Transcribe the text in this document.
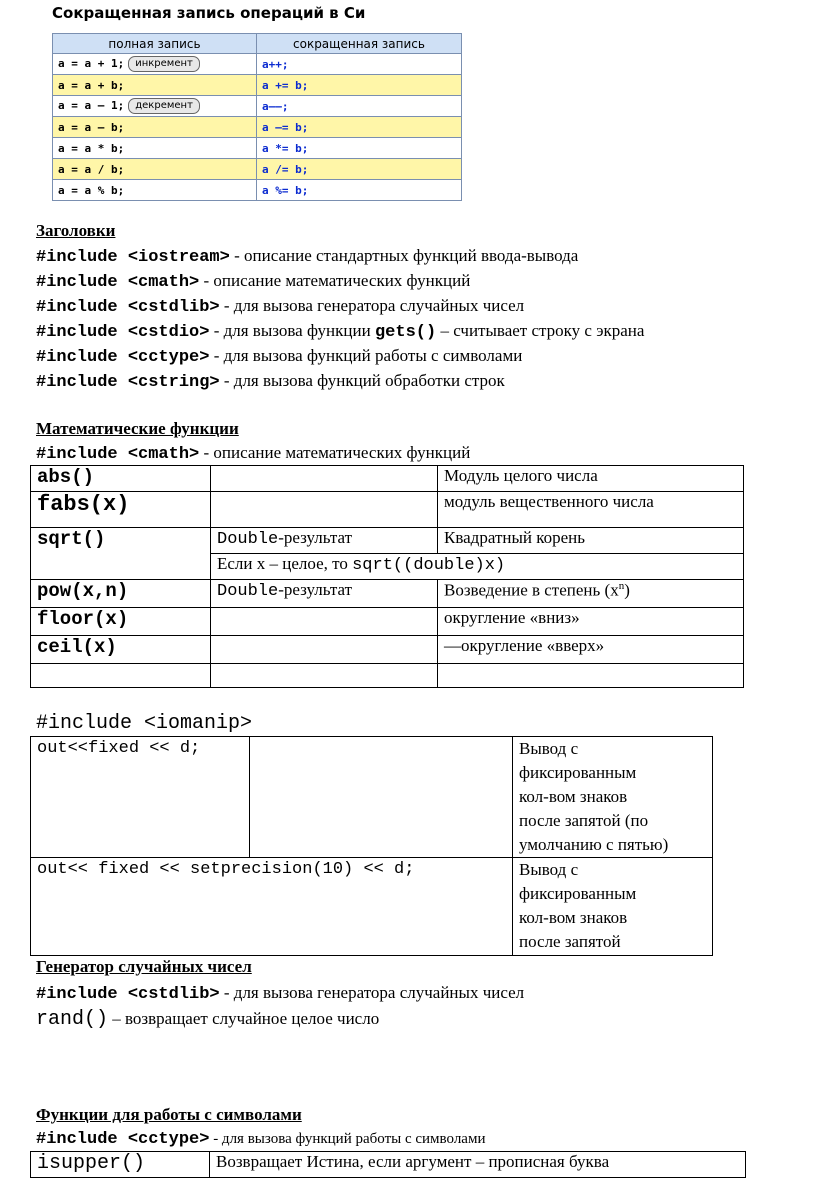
Сокращенная запись операций в Си
полная запись	сокращенная запись
a = a + 1; инкремент	a++;
a = a + b;	a += b;
a = a – 1; декремент	a––;
a = a – b;	a –= b;
a = a * b;	a *= b;
a = a / b;	a /= b;
a = a % b;	a %= b;
Заголовки
#include <iostream> - описание стандартных функций ввода-вывода
#include <cmath> - описание математических функций
#include <cstdlib> - для вызова генератора случайных чисел
#include <cstdio> - для вызова функции gets() – считывает строку с экрана
#include <cctype> - для вызова функций работы с символами
#include <cstring> - для вызова функций обработки строк
Математические функции
#include <cmath> - описание математических функций
abs()		Модуль целого числа
fabs(x)		модуль вещественного числа
sqrt()	Double-результат	Квадратный корень
	Если x – целое, то sqrt((double)x)	
pow(x,n)	Double-результат	Возведение в степень $(x^n)$
floor(x)		округление «вниз»
ceil(x)		—округление «вверх»

#include <iomanip>
out<<fixed << d;		Вывод с
фиксированным
кол-вом знаков
после запятой (по
умолчанию с пятью)

out<< fixed << setprecision(10) << d;		Вывод с
фиксированным
кол-вом знаков
после запятой
Генератор случайных чисел
#include <cstdlib> - для вызова генератора случайных чисел
rand() – возвращает случайное целое число
Функции для работы с символами
#include <cctype> - для вызова функций работы с символами
isupper()	Возвращает Истина, если аргумент – прописная буква
